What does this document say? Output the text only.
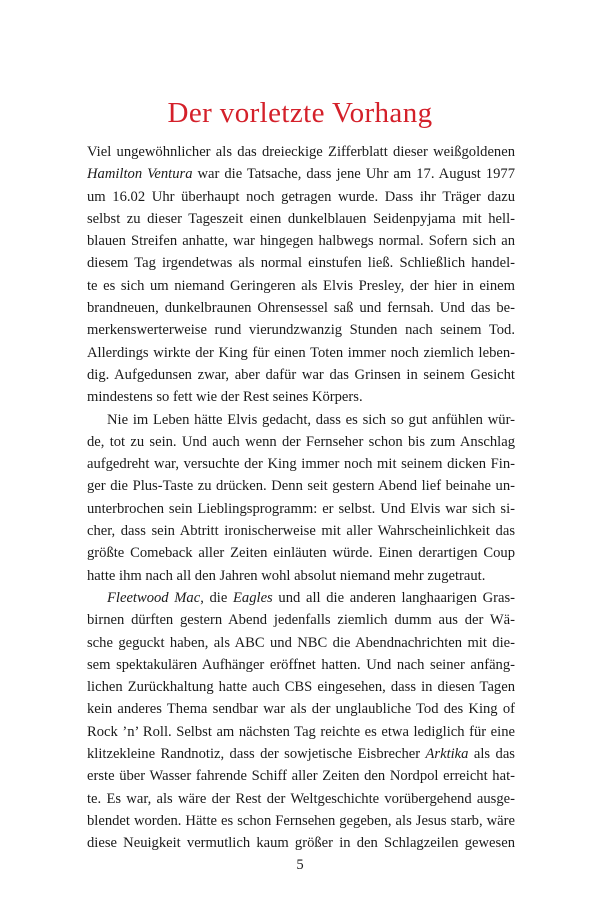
Der vorletzte Vorhang
Viel ungewöhnlicher als das dreieckige Zifferblatt dieser weißgoldenen
Hamilton Ventura war die Tatsache, dass jene Uhr am 17. August 1977
um 16.02 Uhr überhaupt noch getragen wurde. Dass ihr Träger dazu
selbst zu dieser Tageszeit einen dunkelblauen Seidenpyjama mit hell-
blauen Streifen anhatte, war hingegen halbwegs normal. Sofern sich an
diesem Tag irgendetwas als normal einstufen ließ. Schließlich handel-
te es sich um niemand Geringeren als Elvis Presley, der hier in einem
brandneuen, dunkelbraunen Ohrensessel saß und fernsah. Und das be-
merkenswerterweise rund vierundzwanzig Stunden nach seinem Tod.
Allerdings wirkte der King für einen Toten immer noch ziemlich leben-
dig. Aufgedunsen zwar, aber dafür war das Grinsen in seinem Gesicht
mindestens so fett wie der Rest seines Körpers.
Nie im Leben hätte Elvis gedacht, dass es sich so gut anfühlen wür-
de, tot zu sein. Und auch wenn der Fernseher schon bis zum Anschlag
aufgedreht war, versuchte der King immer noch mit seinem dicken Fin-
ger die Plus-Taste zu drücken. Denn seit gestern Abend lief beinahe un-
unterbrochen sein Lieblingsprogramm: er selbst. Und Elvis war sich si-
cher, dass sein Abtritt ironischerweise mit aller Wahrscheinlichkeit das
größte Comeback aller Zeiten einläuten würde. Einen derartigen Coup
hatte ihm nach all den Jahren wohl absolut niemand mehr zugetraut.
Fleetwood Mac, die Eagles und all die anderen langhaarigen Gras-
birnen dürften gestern Abend jedenfalls ziemlich dumm aus der Wä-
sche geguckt haben, als ABC und NBC die Abendnachrichten mit die-
sem spektakulären Aufhänger eröffnet hatten. Und nach seiner anfäng-
lichen Zurückhaltung hatte auch CBS eingesehen, dass in diesen Tagen
kein anderes Thema sendbar war als der unglaubliche Tod des King of
Rock ’n’ Roll. Selbst am nächsten Tag reichte es etwa lediglich für eine
klitzekleine Randnotiz, dass der sowjetische Eisbrecher Arktika als das
erste über Wasser fahrende Schiff aller Zeiten den Nordpol erreicht hat-
te. Es war, als wäre der Rest der Weltgeschichte vorübergehend ausge-
blendet worden. Hätte es schon Fernsehen gegeben, als Jesus starb, wäre
diese Neuigkeit vermutlich kaum größer in den Schlagzeilen gewesen
5
